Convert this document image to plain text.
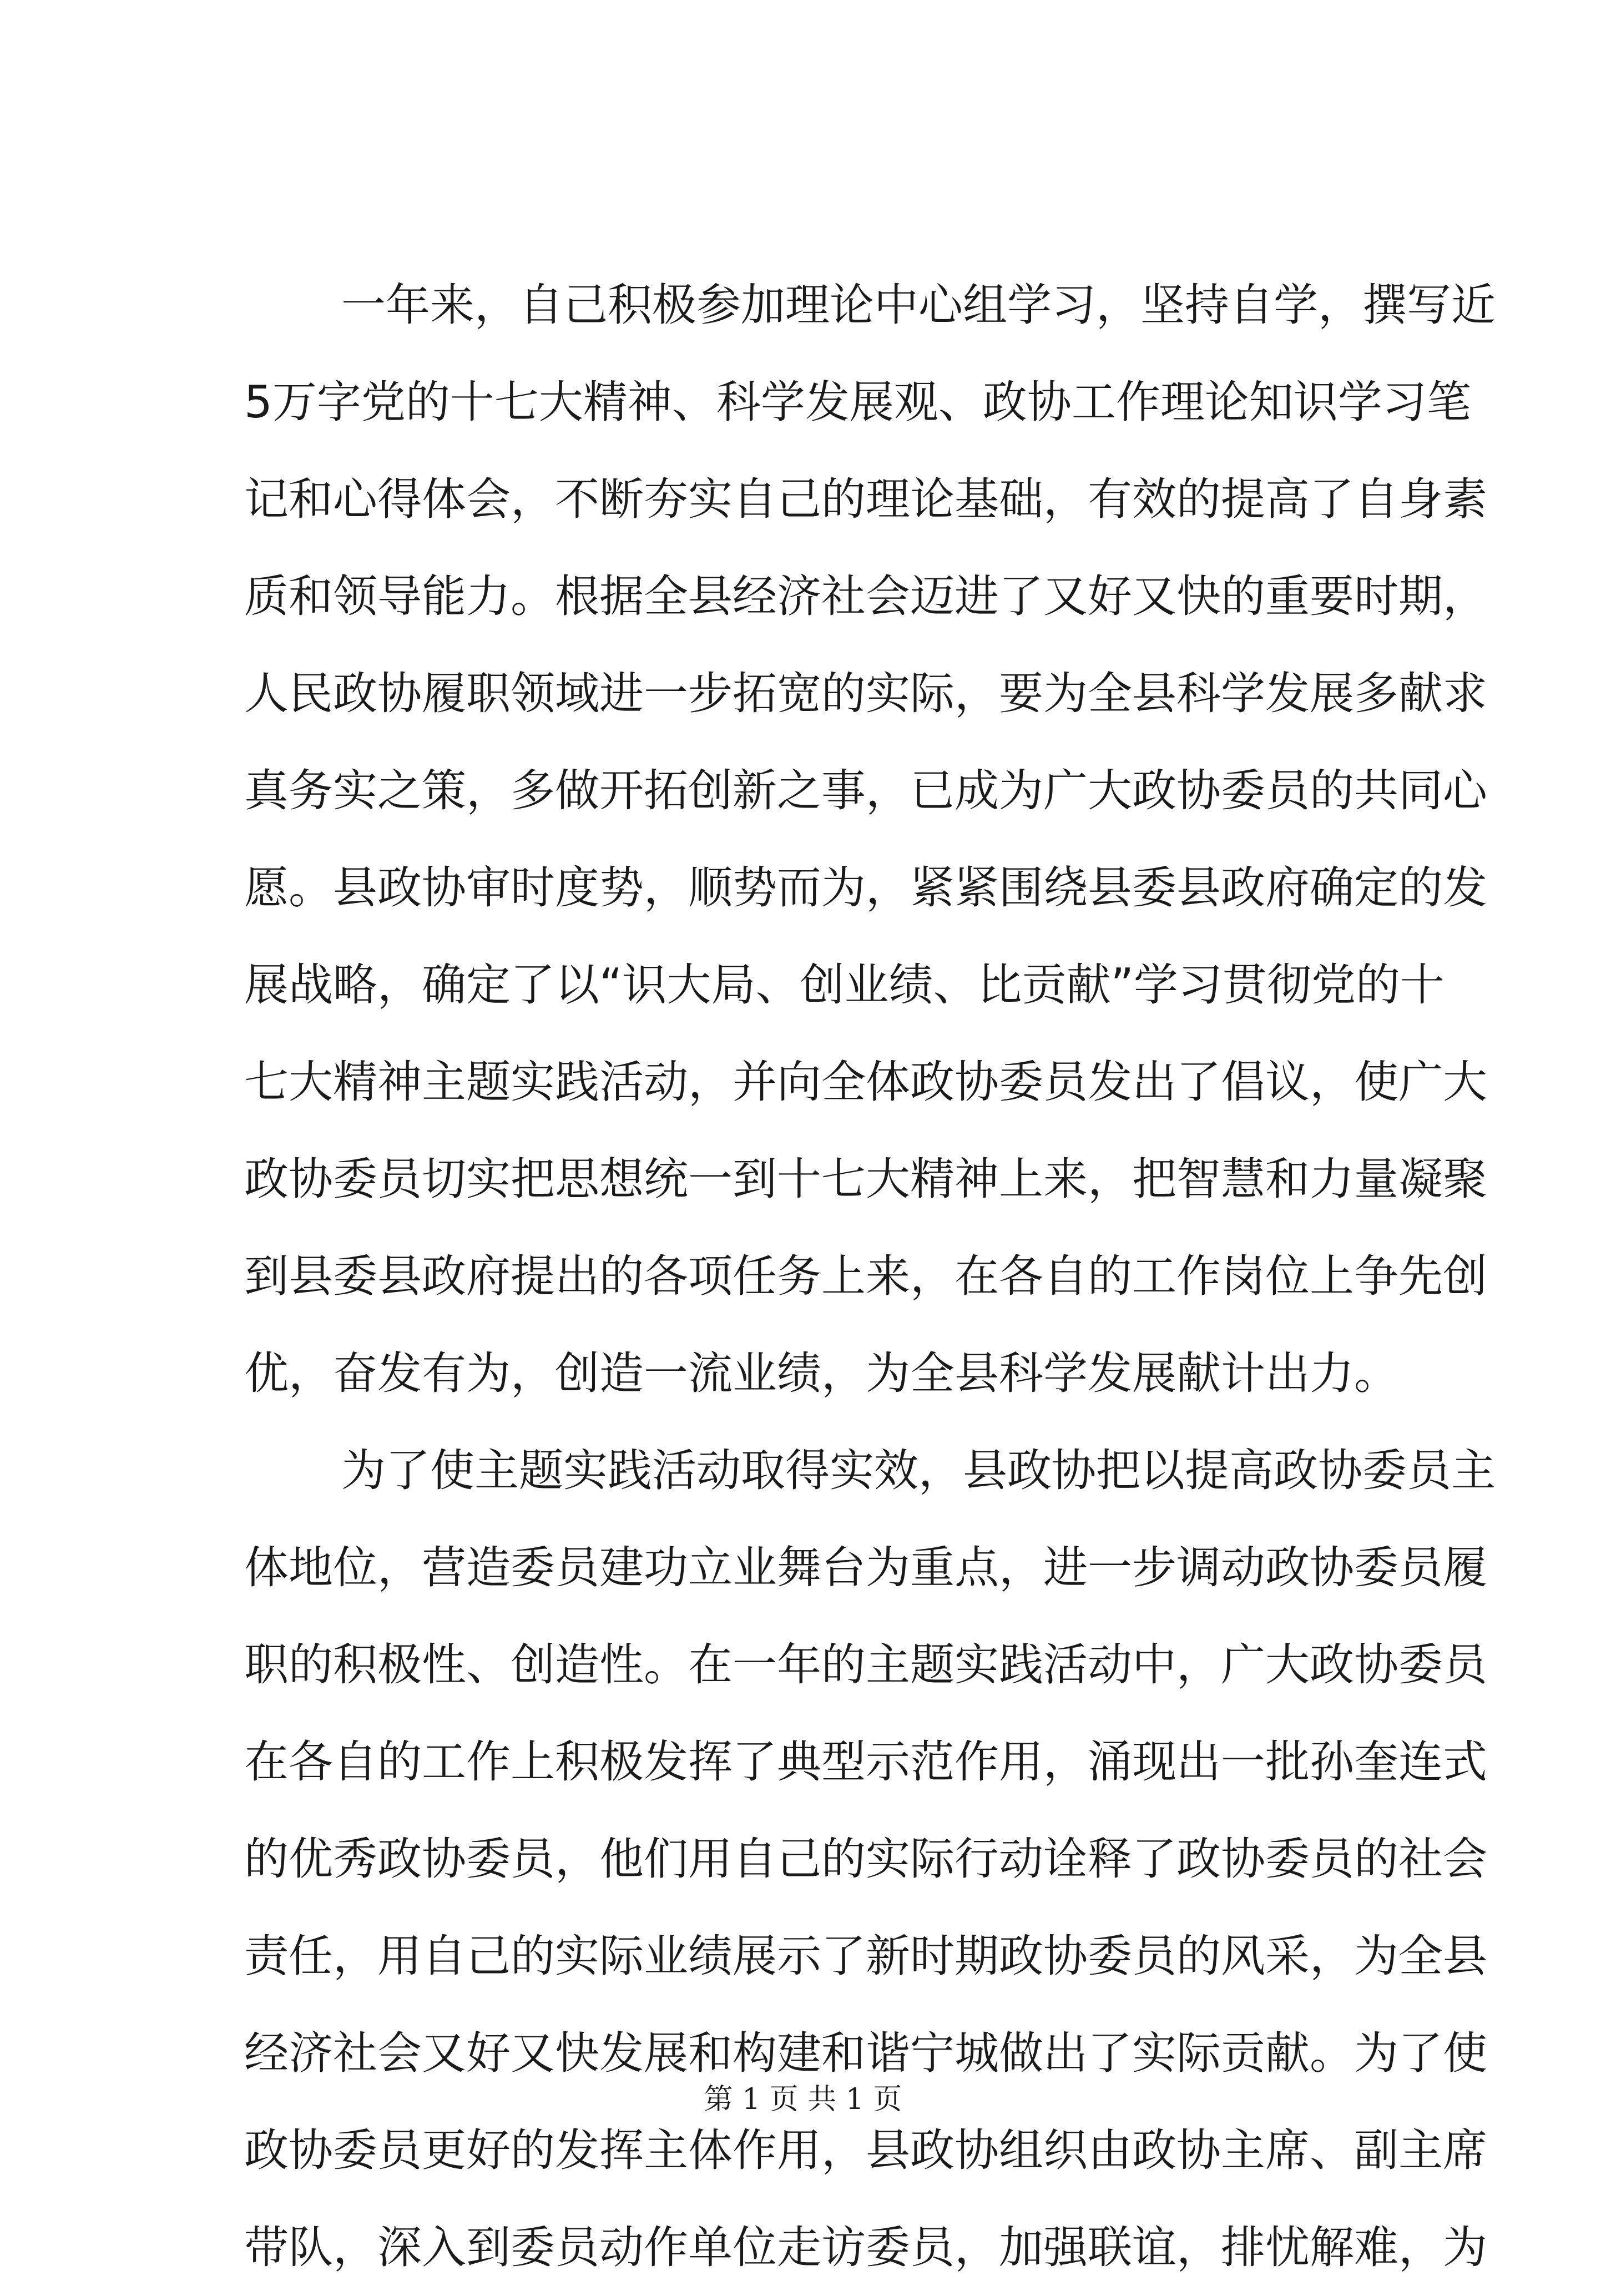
一年来，自己积极参加理论中心组学习，坚持自学，撰写近
5万字党的十七大精神、科学发展观、政协工作理论知识学习笔
记和心得体会，不断夯实自己的理论基础，有效的提高了自身素
质和领导能力。根据全县经济社会迈进了又好又快的重要时期，
人民政协履职领域进一步拓宽的实际，要为全县科学发展多献求
真务实之策，多做开拓创新之事，已成为广大政协委员的共同心
愿。县政协审时度势，顺势而为，紧紧围绕县委县政府确定的发
展战略，确定了以“识大局、创业绩、比贡献”学习贯彻党的十
七大精神主题实践活动，并向全体政协委员发出了倡议，使广大
政协委员切实把思想统一到十七大精神上来，把智慧和力量凝聚
到县委县政府提出的各项任务上来，在各自的工作岗位上争先创
优，奋发有为，创造一流业绩，为全县科学发展献计出力。
为了使主题实践活动取得实效，县政协把以提高政协委员主
体地位，营造委员建功立业舞台为重点，进一步调动政协委员履
职的积极性、创造性。在一年的主题实践活动中，广大政协委员
在各自的工作上积极发挥了典型示范作用，涌现出一批孙奎连式
的优秀政协委员，他们用自己的实际行动诠释了政协委员的社会
责任，用自己的实际业绩展示了新时期政协委员的风采，为全县
经济社会又好又快发展和构建和谐宁城做出了实际贡献。为了使
政协委员更好的发挥主体作用，县政协组织由政协主席、副主席
带队，深入到委员动作单位走访委员，加强联谊，排忧解难，为
第 1 页 共 1 页
